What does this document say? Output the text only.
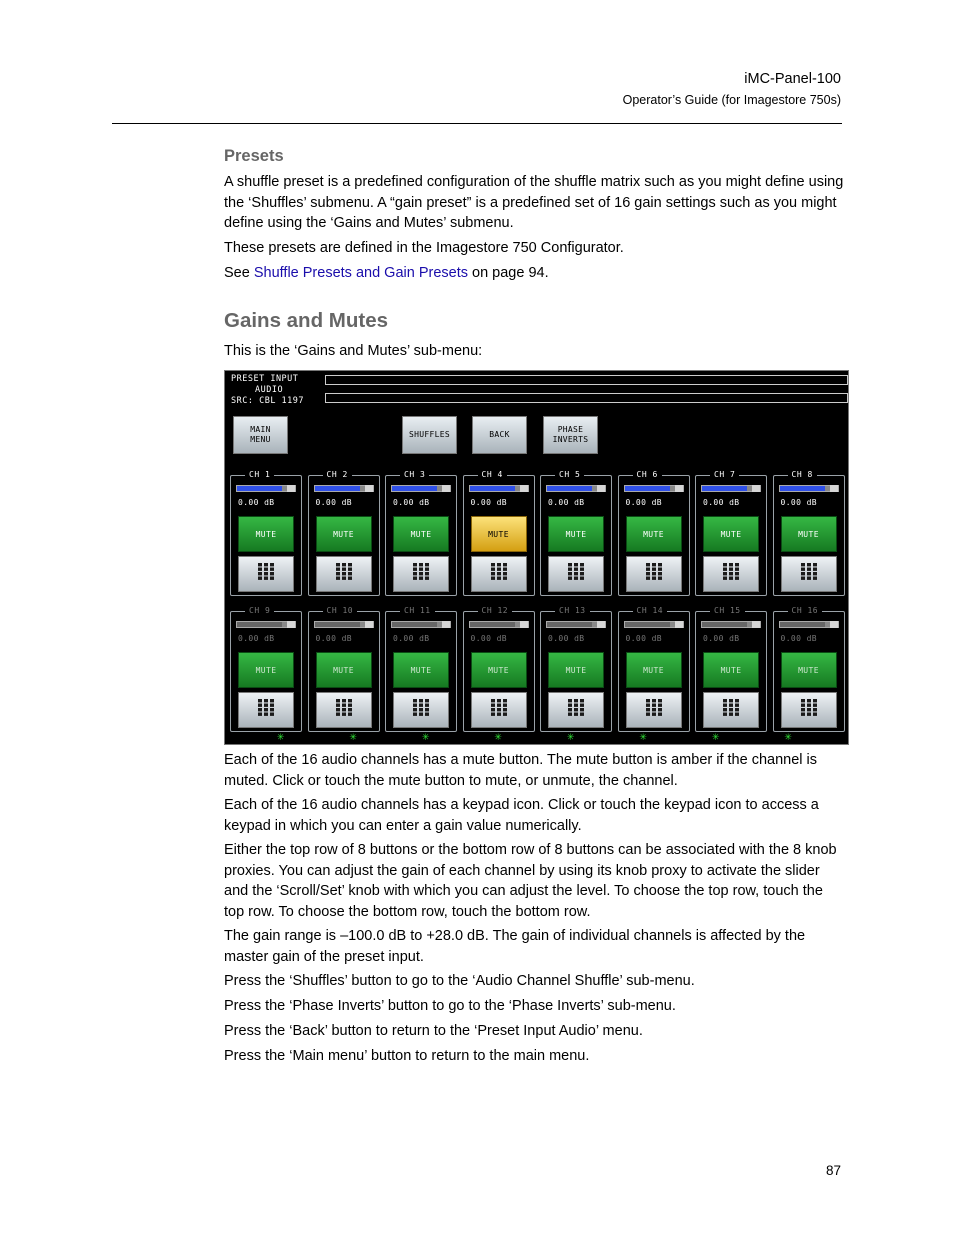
iMC-Panel-100
Operator’s Guide (for Imagestore 750s)
Presets

A shuffle preset is a predefined configuration of the shuffle matrix such as you might define using the ‘Shuffles’ submenu. A “gain preset” is a predefined set of 16 gain settings such as you might define using the ‘Gains and Mutes’ submenu.

These presets are defined in the Imagestore 750 Configurator.

See Shuffle Presets and Gain Presets on page 94.

Gains and Mutes

This is the ‘Gains and Mutes’ sub-menu:

PRESET INPUT
AUDIO
SRC: CBL 1197
MAIN
MENU
SHUFFLES	BACK
PHASE
INVERTS
CH 1
0.00 dB
MUTE
CH 2
0.00 dB
MUTE
CH 3
0.00 dB
MUTE
CH 4
0.00 dB
MUTE
CH 5
0.00 dB
MUTE
CH 6
0.00 dB
MUTE
CH 7
0.00 dB
MUTE
CH 8
0.00 dB
MUTE
CH 9
0.00 dB
MUTE
CH 10
0.00 dB
MUTE
CH 11
0.00 dB
MUTE
CH 12
0.00 dB
MUTE
CH 13
0.00 dB
MUTE
CH 14
0.00 dB
MUTE
CH 15
0.00 dB
MUTE
CH 16
0.00 dB
MUTE
✳	✳	✳	✳	✳	✳	✳	✳

Each of the 16 audio channels has a mute button. The mute button is amber if the channel is muted. Click or touch the mute button to mute, or unmute, the channel.

Each of the 16 audio channels has a keypad icon. Click or touch the keypad icon to access a keypad in which you can enter a gain value numerically.

Either the top row of 8 buttons or the bottom row of 8 buttons can be associated with the 8 knob proxies. You can adjust the gain of each channel by using its knob proxy to activate the slider and the ‘Scroll/Set’ knob with which you can adjust the level. To choose the top row, touch the top row. To choose the bottom row, touch the bottom row.

The gain range is –100.0 dB to +28.0 dB. The gain of individual channels is affected by the master gain of the preset input.

Press the ‘Shuffles’ button to go to the ‘Audio Channel Shuffle’ sub-menu.

Press the ‘Phase Inverts’ button to go to the ‘Phase Inverts’ sub-menu.

Press the ‘Back’ button to return to the ‘Preset Input Audio’ menu.

Press the ‘Main menu’ button to return to the main menu.

87
